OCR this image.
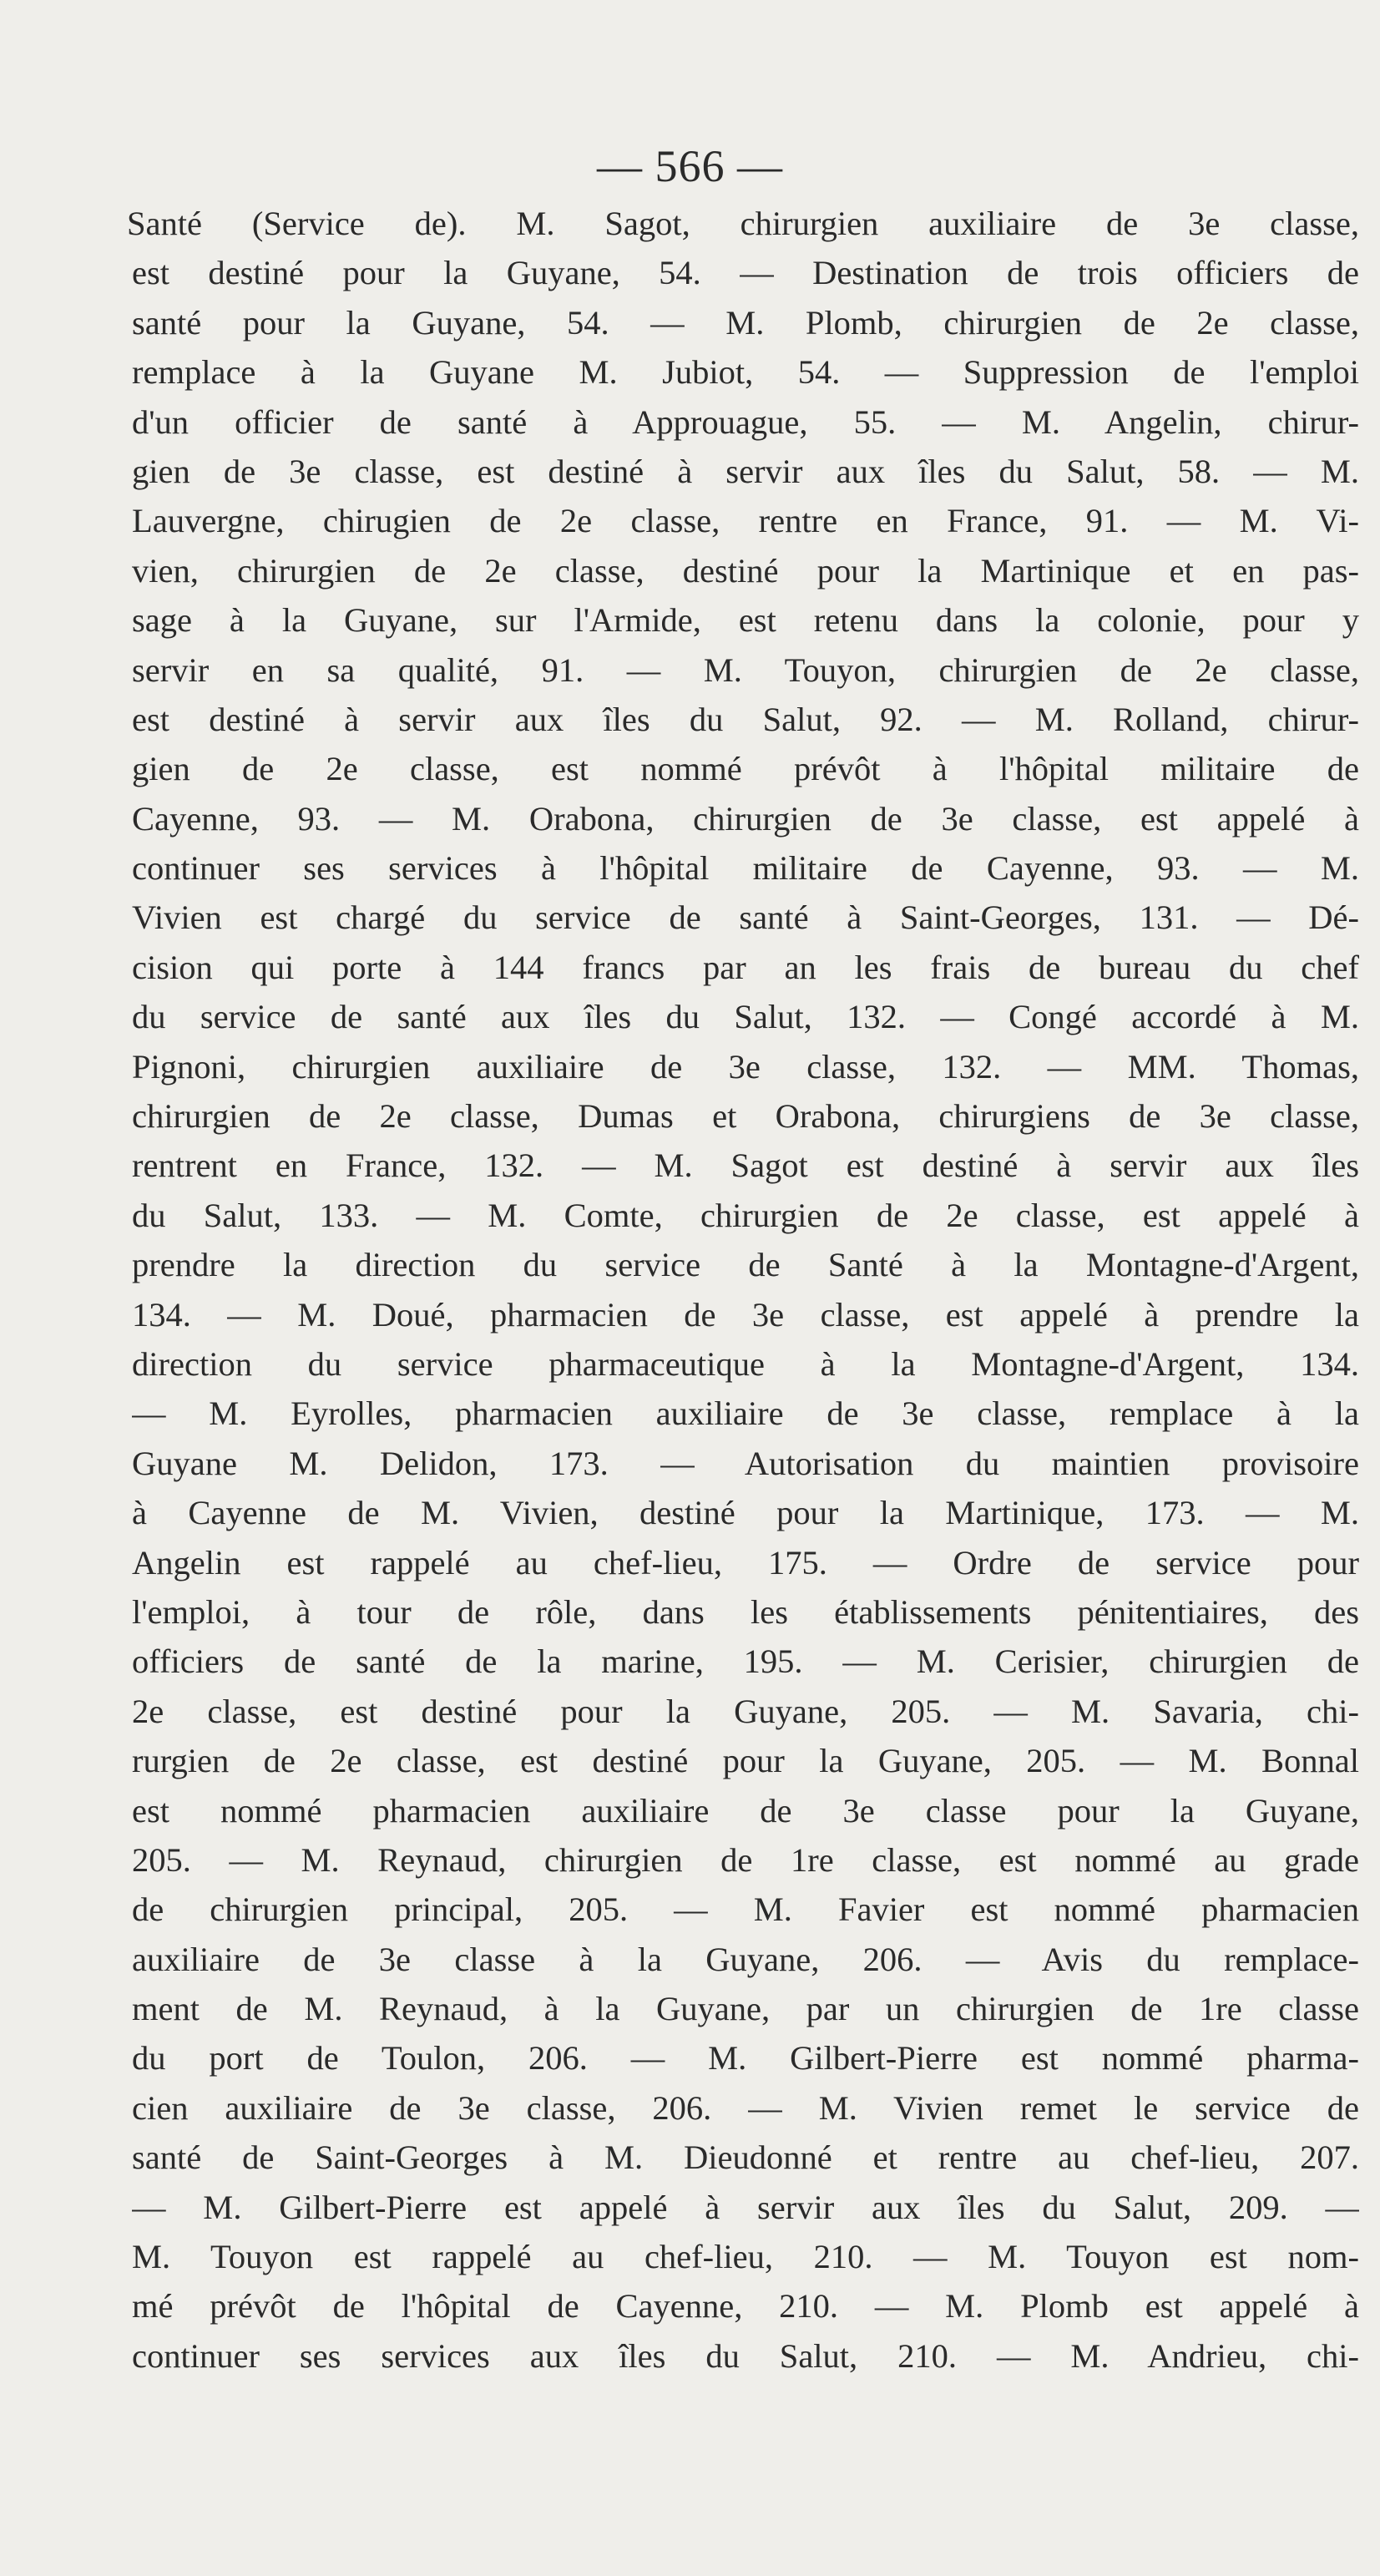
— 566 —
Santé (Service de). M. Sagot, chirurgien auxiliaire de 3e classe,
est destiné pour la Guyane, 54. — Destination de trois officiers de
santé pour la Guyane, 54. — M. Plomb, chirurgien de 2e classe,
remplace à la Guyane M. Jubiot, 54. — Suppression de l'emploi
d'un officier de santé à Approuague, 55. — M. Angelin, chirur-
gien de 3e classe, est destiné à servir aux îles du Salut, 58. — M.
Lauvergne, chirugien de 2e classe, rentre en France, 91. — M. Vi-
vien, chirurgien de 2e classe, destiné pour la Martinique et en pas-
sage à la Guyane, sur l'Armide, est retenu dans la colonie, pour y
servir en sa qualité, 91. — M. Touyon, chirurgien de 2e classe,
est destiné à servir aux îles du Salut, 92. — M. Rolland, chirur-
gien de 2e classe, est nommé prévôt à l'hôpital militaire de
Cayenne, 93. — M. Orabona, chirurgien de 3e classe, est appelé à
continuer ses services à l'hôpital militaire de Cayenne, 93. — M.
Vivien est chargé du service de santé à Saint-Georges, 131. — Dé-
cision qui porte à 144 francs par an les frais de bureau du chef
du service de santé aux îles du Salut, 132. — Congé accordé à M.
Pignoni, chirurgien auxiliaire de 3e classe, 132. — MM. Thomas,
chirurgien de 2e classe, Dumas et Orabona, chirurgiens de 3e classe,
rentrent en France, 132. — M. Sagot est destiné à servir aux îles
du Salut, 133. — M. Comte, chirurgien de 2e classe, est appelé à
prendre la direction du service de Santé à la Montagne-d'Argent,
134. — M. Doué, pharmacien de 3e classe, est appelé à prendre la
direction du service pharmaceutique à la Montagne-d'Argent, 134.
— M. Eyrolles, pharmacien auxiliaire de 3e classe, remplace à la
Guyane M. Delidon, 173. — Autorisation du maintien provisoire
à Cayenne de M. Vivien, destiné pour la Martinique, 173. — M.
Angelin est rappelé au chef-lieu, 175. — Ordre de service pour
l'emploi, à tour de rôle, dans les établissements pénitentiaires, des
officiers de santé de la marine, 195. — M. Cerisier, chirurgien de
2e classe, est destiné pour la Guyane, 205. — M. Savaria, chi-
rurgien de 2e classe, est destiné pour la Guyane, 205. — M. Bonnal
est nommé pharmacien auxiliaire de 3e classe pour la Guyane,
205. — M. Reynaud, chirurgien de 1re classe, est nommé au grade
de chirurgien principal, 205. — M. Favier est nommé pharmacien
auxiliaire de 3e classe à la Guyane, 206. — Avis du remplace-
ment de M. Reynaud, à la Guyane, par un chirurgien de 1re classe
du port de Toulon, 206. — M. Gilbert-Pierre est nommé pharma-
cien auxiliaire de 3e classe, 206. — M. Vivien remet le service de
santé de Saint-Georges à M. Dieudonné et rentre au chef-lieu, 207.
— M. Gilbert-Pierre est appelé à servir aux îles du Salut, 209. —
M. Touyon est rappelé au chef-lieu, 210. — M. Touyon est nom-
mé prévôt de l'hôpital de Cayenne, 210. — M. Plomb est appelé à
continuer ses services aux îles du Salut, 210. — M. Andrieu, chi-
